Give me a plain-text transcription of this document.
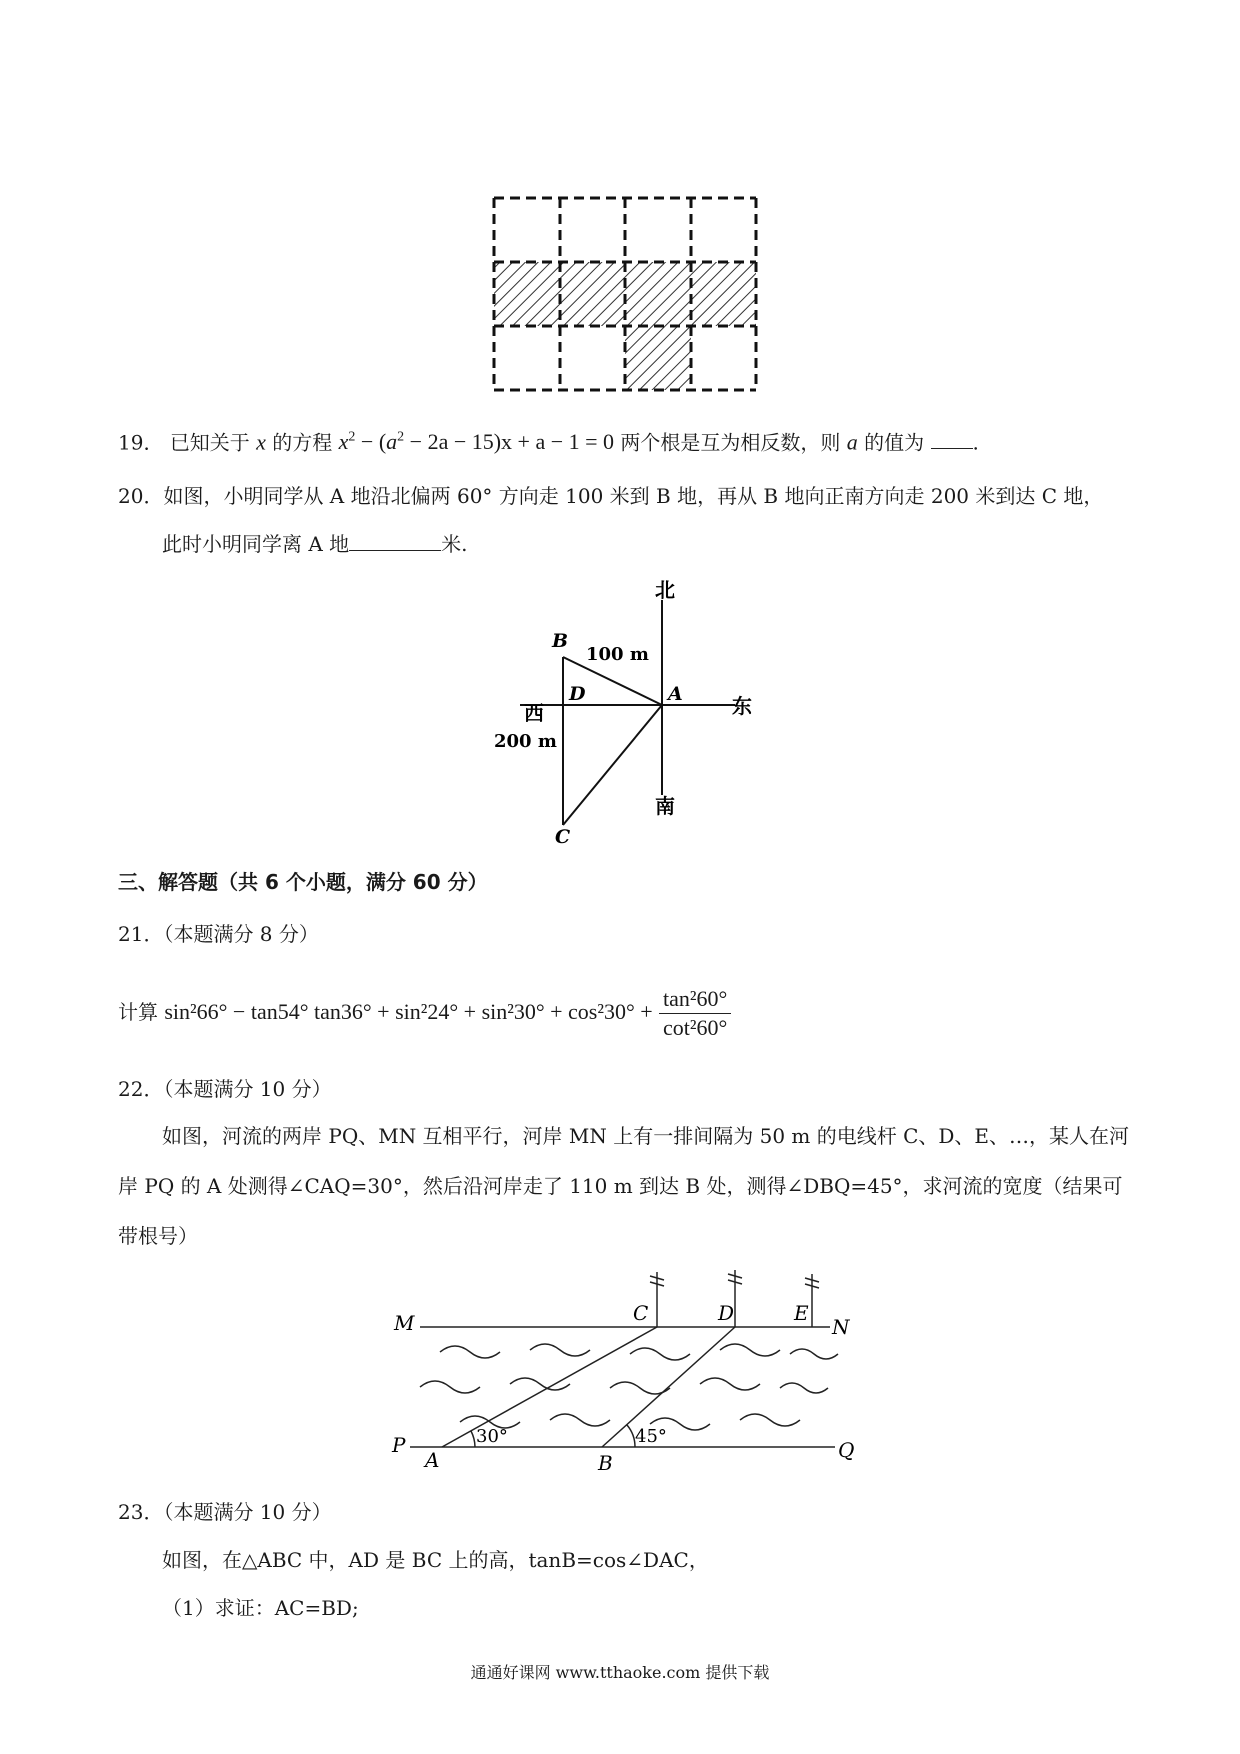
19． 已知关于 x 的方程 $x^2 - (a^2 - 2a - 15)x + a - 1 = 0$ 两个根是互为相反数，则 a 的值为 .
20．如图，小明同学从 A 地沿北偏两 60° 方向走 100 米到 B 地，再从 B 地向正南方向走 200 米到达 C 地，
此时小明同学离 A 地	米.
北
南
东
西
B
D	A
C
100 m
200 m
三、解答题（共 6 个小题，满分 60 分）
21．（本题满分 8 分）
计算 sin²66° − tan54° $\tan 36^\circ + \sin^224^\circ + \sin^230^\circ + \cos^230^\circ + \frac{\text{tan²60°}}{\text{cot²60°}}$
22．（本题满分 10 分）
如图，河流的两岸 PQ、MN 互相平行，河岸 MN 上有一排间隔为 50 m 的电线杆 C、D、E、…，某人在河
岸 PQ 的 A 处测得∠CAQ=30°，然后沿河岸走了 110 m 到达 B 处，测得∠DBQ=45°，求河流的宽度（结果可
带根号）
M	N
P	Q
C	D	E
A	B
30°	45°
23．（本题满分 10 分）
如图，在△ABC 中，AD 是 BC 上的高，tanB=cos∠DAC，
（1）求证：AC=BD;
通通好课网 www.tthaoke.com 提供下载
